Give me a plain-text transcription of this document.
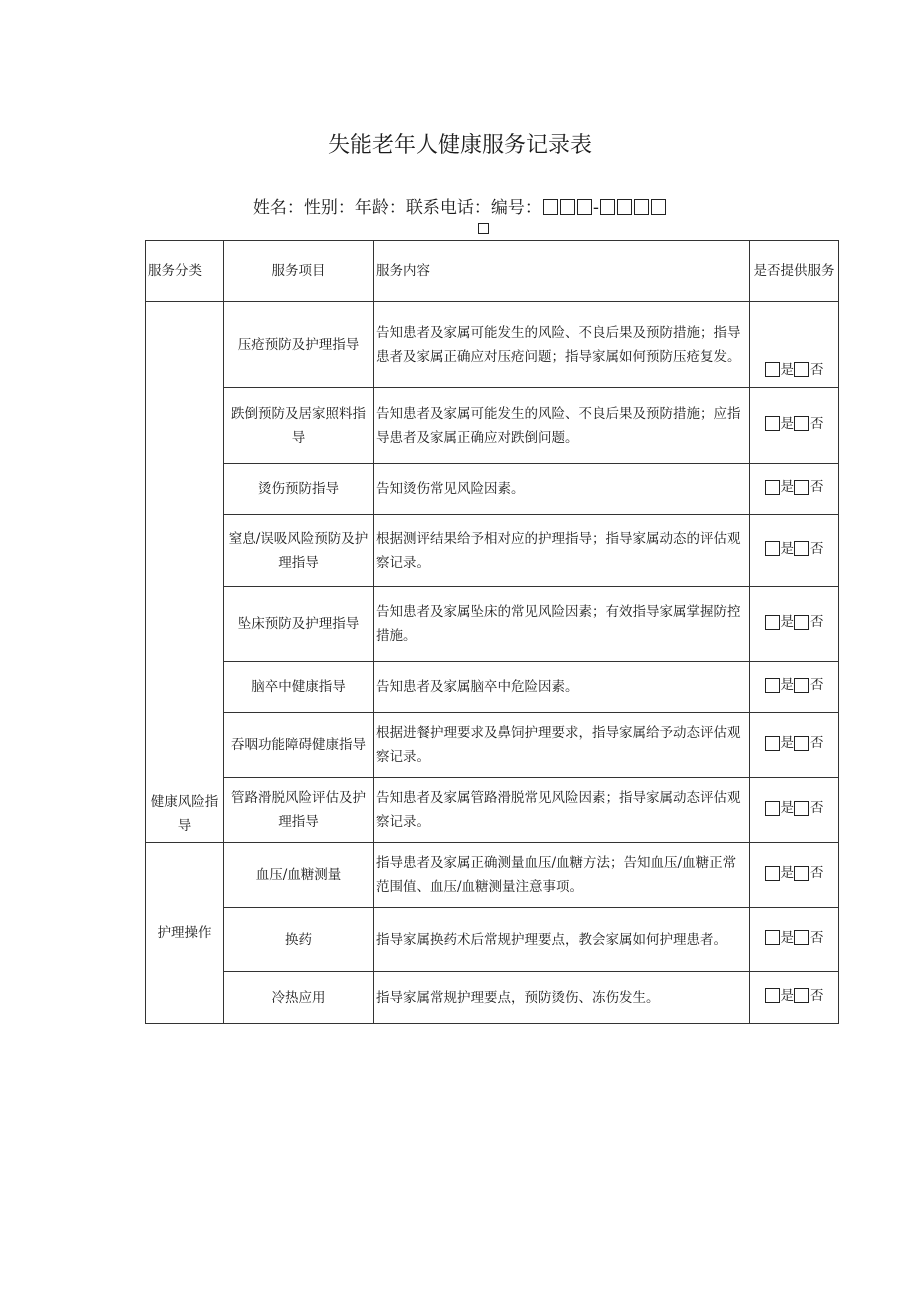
失能老年人健康服务记录表
姓名：性别：年龄：联系电话：编号：	-
服务分类	服务项目	服务内容	是否提供服务
健康风险指导	压疮预防及护理指导	告知患者及家属可能发生的风险、不良后果及预防措施；指导患者及家属正确应对压疮问题；指导家属如何预防压疮复发。	是 否

	跌倒预防及居家照料指导	告知患者及家属可能发生的风险、不良后果及预防措施；应指导患者及家属正确应对跌倒问题。	是 否

	烫伤预防指导	告知烫伤常见风险因素。	是 否

	窒息/误吸风险预防及护理指导	根据测评结果给予相对应的护理指导；指导家属动态的评估观察记录。	是 否

	坠床预防及护理指导	告知患者及家属坠床的常见风险因素；有效指导家属掌握防控措施。	是 否

	脑卒中健康指导	告知患者及家属脑卒中危险因素。	是 否

	吞咽功能障碍健康指导	根据进餐护理要求及鼻饲护理要求，指导家属给予动态评估观察记录。	是 否

	管路滑脱风险评估及护理指导	告知患者及家属管路滑脱常见风险因素；指导家属动态评估观察记录。	是 否

护理操作	血压/血糖测量	指导患者及家属正确测量血压/血糖方法；告知血压/血糖正常范围值、血压/血糖测量注意事项。	是 否

	换药	指导家属换药术后常规护理要点，教会家属如何护理患者。	是 否

	冷热应用	指导家属常规护理要点，预防烫伤、冻伤发生。	是 否
